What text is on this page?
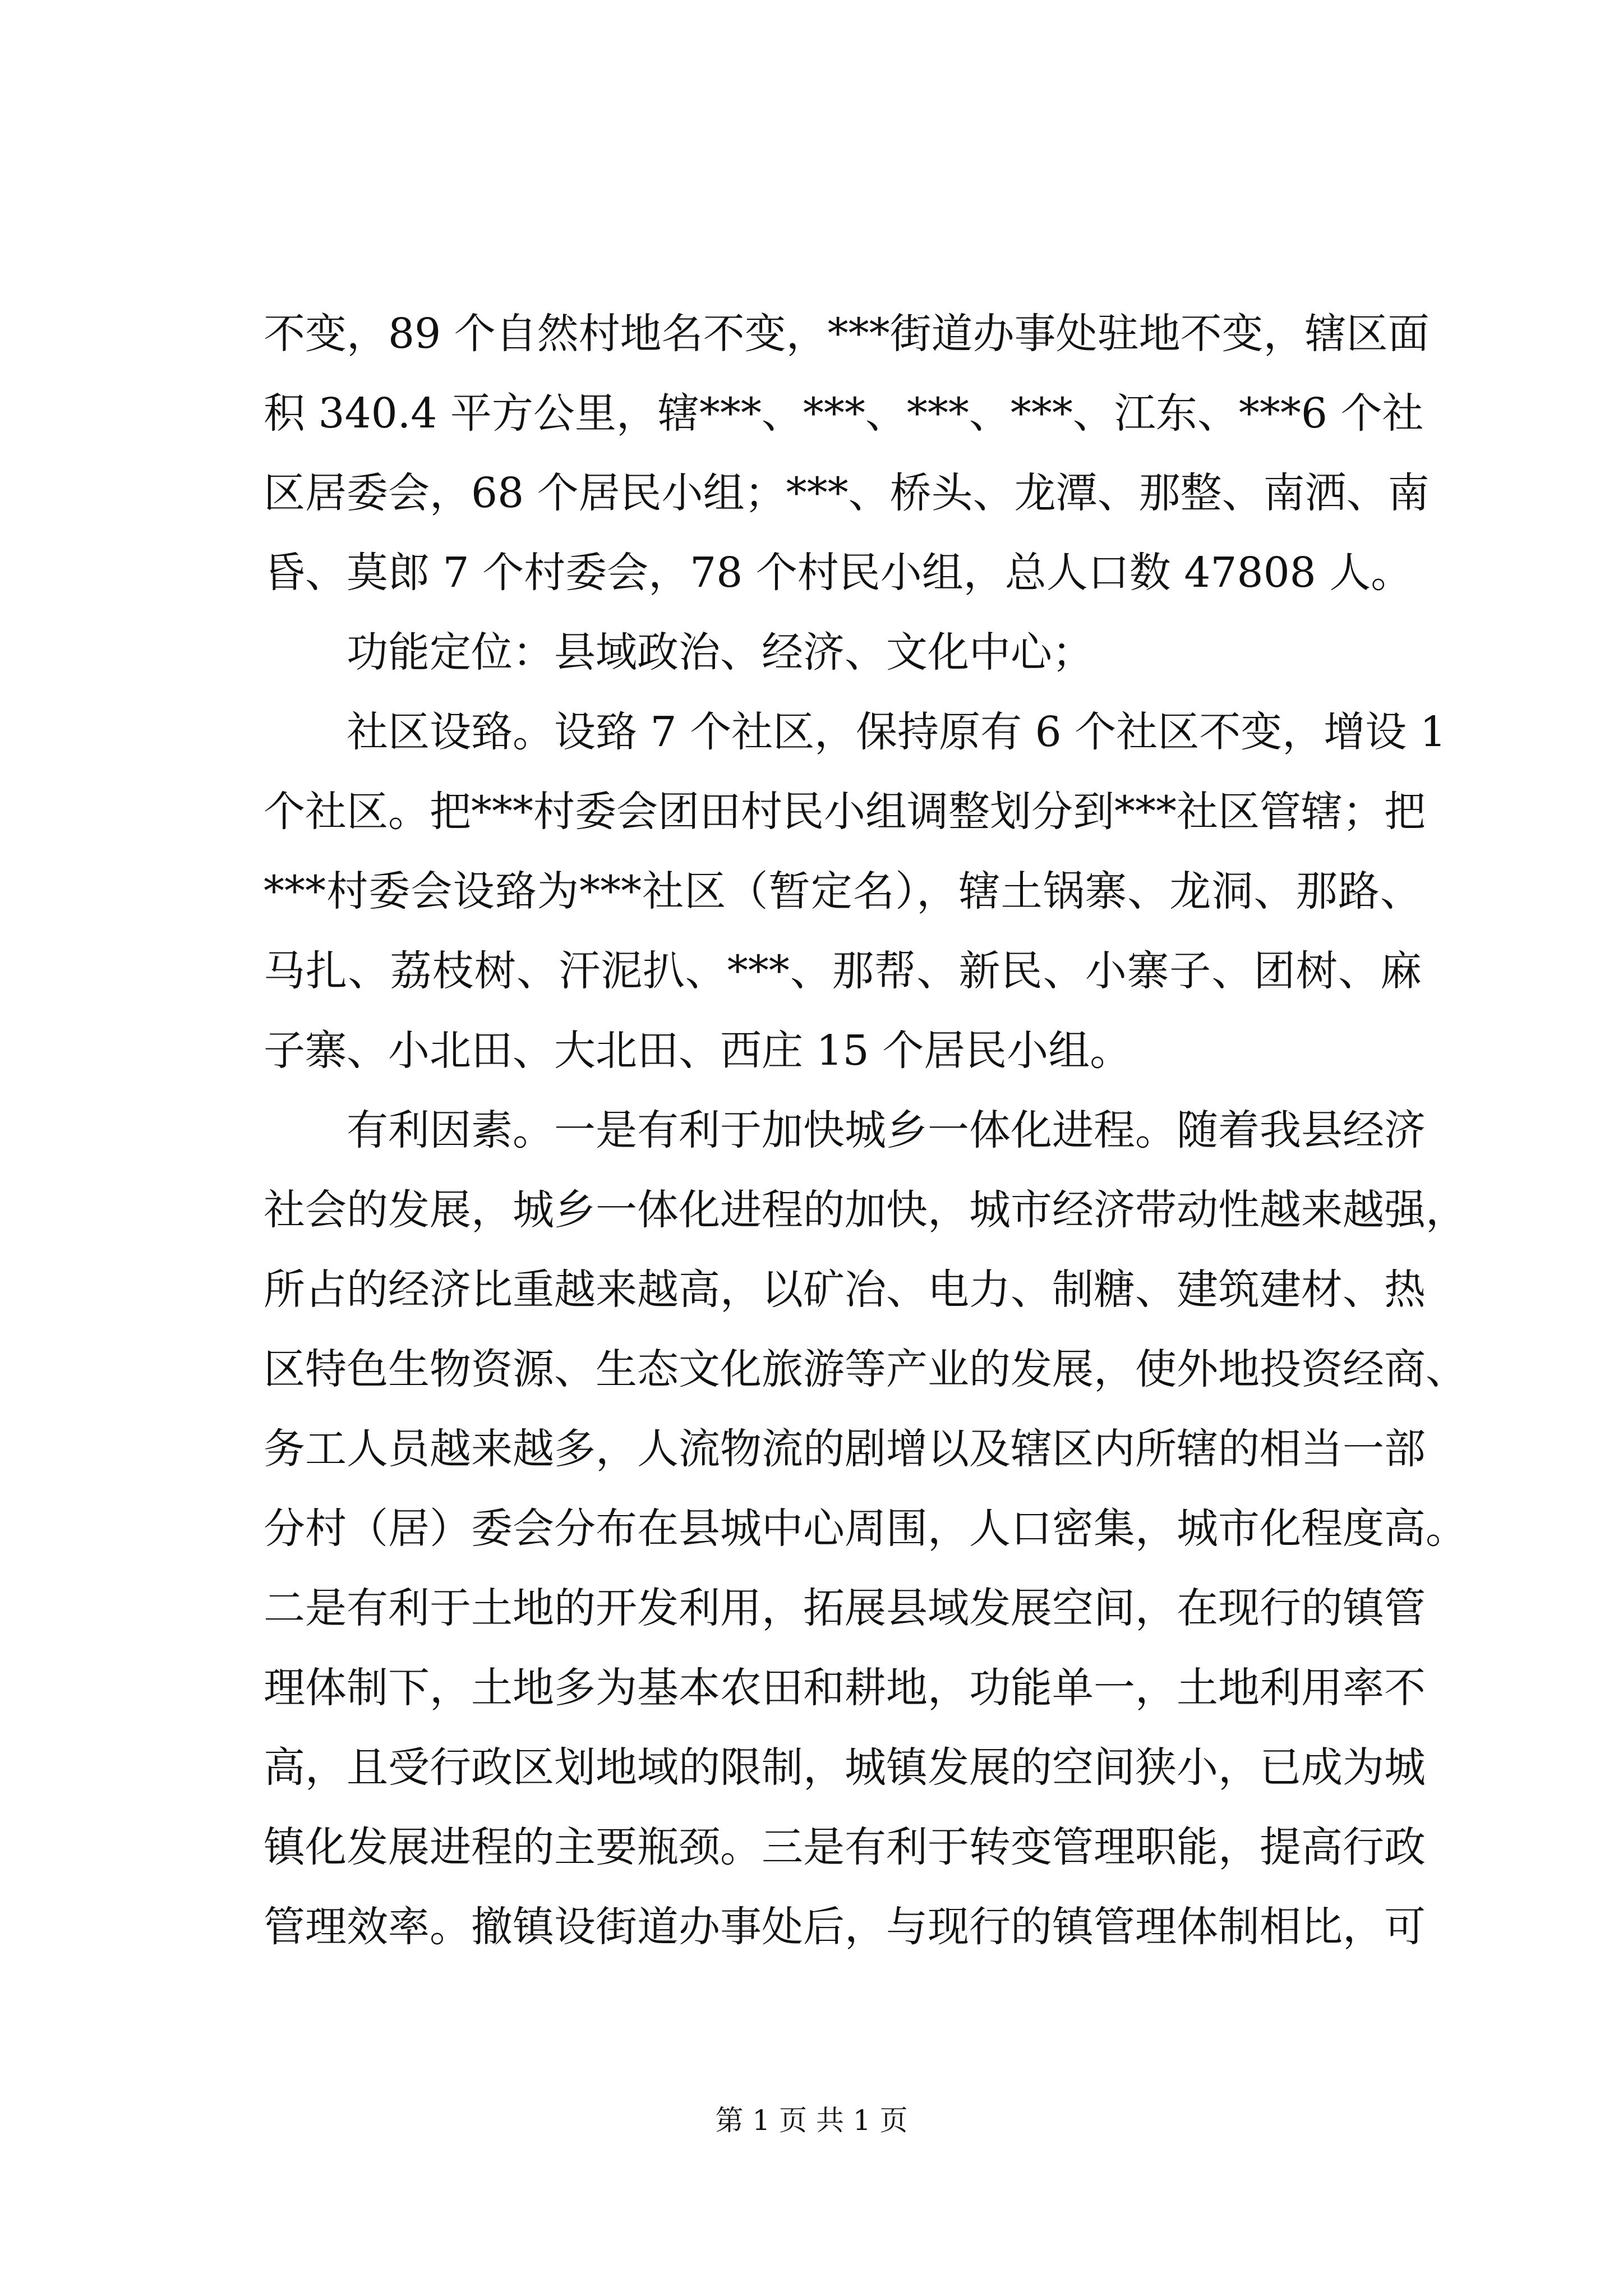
不变，89 个自然村地名不变，***街道办事处驻地不变，辖区面
积 340.4 平方公里，辖***、***、***、***、江东、***6 个社
区居委会，68 个居民小组；***、桥头、龙潭、那整、南洒、南
昏、莫郎 7 个村委会，78 个村民小组，总人口数 47808 人。
功能定位：县域政治、经济、文化中心；
社区设臵。设臵 7 个社区，保持原有 6 个社区不变，增设 1
个社区。把***村委会团田村民小组调整划分到***社区管辖；把
***村委会设臵为***社区（暂定名），辖土锅寨、龙洞、那路、
马扎、荔枝树、汗泥扒、***、那帮、新民、小寨子、团树、麻
子寨、小北田、大北田、西庄 15 个居民小组。
有利因素。一是有利于加快城乡一体化进程。随着我县经济
社会的发展，城乡一体化进程的加快，城市经济带动性越来越强，
所占的经济比重越来越高，以矿冶、电力、制糖、建筑建材、热
区特色生物资源、生态文化旅游等产业的发展，使外地投资经商、
务工人员越来越多，人流物流的剧增以及辖区内所辖的相当一部
分村（居）委会分布在县城中心周围，人口密集，城市化程度高。
二是有利于土地的开发利用，拓展县域发展空间，在现行的镇管
理体制下，土地多为基本农田和耕地，功能单一，土地利用率不
高，且受行政区划地域的限制，城镇发展的空间狭小，已成为城
镇化发展进程的主要瓶颈。三是有利于转变管理职能，提高行政
管理效率。撤镇设街道办事处后，与现行的镇管理体制相比，可
第 1 页 共 1 页
